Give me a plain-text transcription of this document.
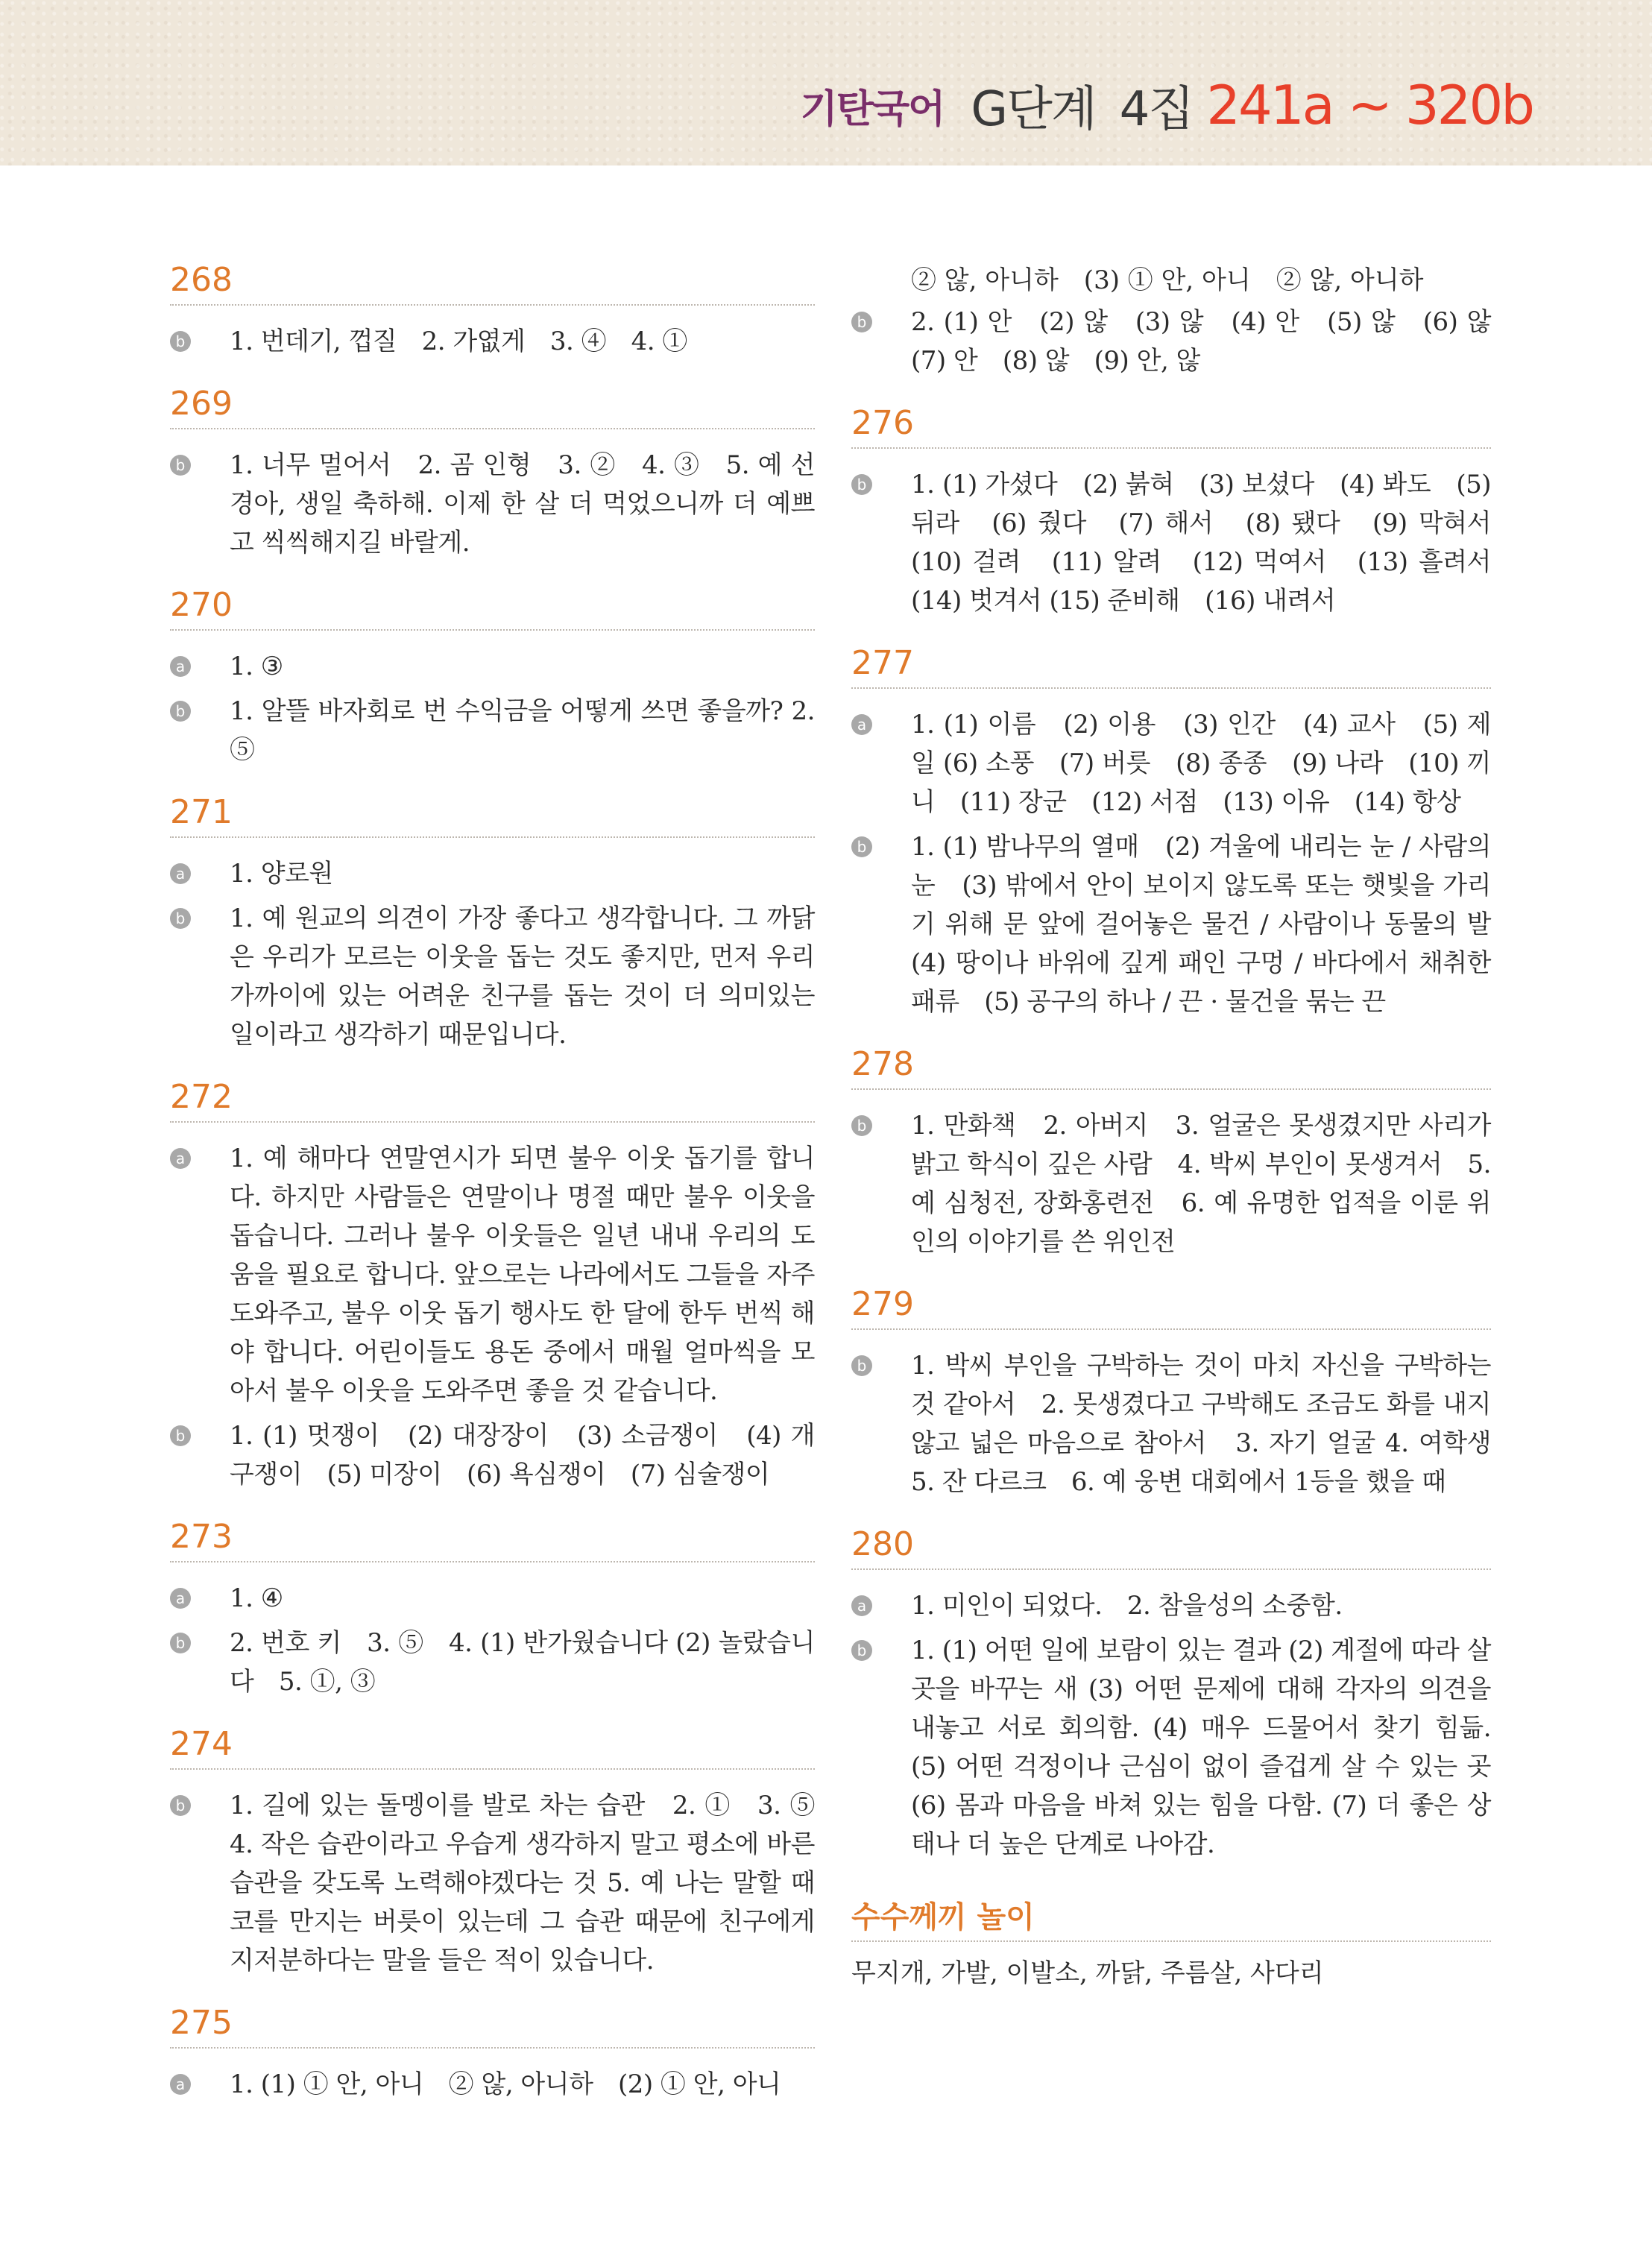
기탄국어 G단계 4집 241a ~ 320b
268
b 1. 번데기, 껍질　2. 가엾게　3. ④　4. ①
269
b 1. 너무 멀어서　2. 곰 인형　3. ②　4. ③　5. 예 선경아, 생일 축하해. 이제 한 살 더 먹었으니까 더 예쁘고 씩씩해지길 바랄게.
270
a 1. ③
b 1. 알뜰 바자회로 번 수익금을 어떻게 쓰면 좋을까? 2. ⑤
271
a 1. 양로원
b 1. 예 원교의 의견이 가장 좋다고 생각합니다. 그 까닭은 우리가 모르는 이웃을 돕는 것도 좋지만, 먼저 우리 가까이에 있는 어려운 친구를 돕는 것이 더 의미있는 일이라고 생각하기 때문입니다.
272
a 1. 예 해마다 연말연시가 되면 불우 이웃 돕기를 합니다. 하지만 사람들은 연말이나 명절 때만 불우 이웃을 돕습니다. 그러나 불우 이웃들은 일년 내내 우리의 도움을 필요로 합니다. 앞으로는 나라에서도 그들을 자주 도와주고, 불우 이웃 돕기 행사도 한 달에 한두 번씩 해야 합니다. 어린이들도 용돈 중에서 매월 얼마씩을 모아서 불우 이웃을 도와주면 좋을 것 같습니다.
b 1. (1) 멋쟁이　(2) 대장장이　(3) 소금쟁이　(4) 개구쟁이　(5) 미장이　(6) 욕심쟁이　(7) 심술쟁이
273
a 1. ④
b 2. 번호 키　3. ⑤　4. (1) 반가웠습니다 (2) 놀랐습니다　5. ①, ③
274
b 1. 길에 있는 돌멩이를 발로 차는 습관　2. ①　3. ⑤　4. 작은 습관이라고 우습게 생각하지 말고 평소에 바른 습관을 갖도록 노력해야겠다는 것 5. 예 나는 말할 때 코를 만지는 버릇이 있는데 그 습관 때문에 친구에게 지저분하다는 말을 들은 적이 있습니다.
275
a 1. (1) ① 안, 아니　② 않, 아니하　(2) ① 안, 아니
② 않, 아니하　(3) ① 안, 아니　② 않, 아니하
b 2. (1) 안　(2) 않　(3) 않　(4) 안　(5) 않　(6) 않　(7) 안　(8) 않　(9) 안, 않
276
b 1. (1) 가셨다　(2) 붉혀　(3) 보셨다　(4) 봐도　(5) 뒤라　(6) 줬다　(7) 해서　(8) 됐다　(9) 막혀서　(10) 걸려　(11) 알려　(12) 먹여서　(13) 흘려서　(14) 벗겨서 (15) 준비해　(16) 내려서
277
a 1. (1) 이름　(2) 이용　(3) 인간　(4) 교사　(5) 제일 (6) 소풍　(7) 버릇　(8) 종종　(9) 나라　(10) 끼니　(11) 장군　(12) 서점　(13) 이유　(14) 항상
b 1. (1) 밤나무의 열매　(2) 겨울에 내리는 눈 / 사람의 눈　(3) 밖에서 안이 보이지 않도록 또는 햇빛을 가리기 위해 문 앞에 걸어놓은 물건 / 사람이나 동물의 발　(4) 땅이나 바위에 깊게 패인 구멍 / 바다에서 채취한 패류　(5) 공구의 하나 / 끈 · 물건을 묶는 끈
278
b 1. 만화책　2. 아버지　3. 얼굴은 못생겼지만 사리가 밝고 학식이 깊은 사람　4. 박씨 부인이 못생겨서　5. 예 심청전, 장화홍련전　6. 예 유명한 업적을 이룬 위인의 이야기를 쓴 위인전
279
b 1. 박씨 부인을 구박하는 것이 마치 자신을 구박하는 것 같아서　2. 못생겼다고 구박해도 조금도 화를 내지 않고 넓은 마음으로 참아서　3. 자기 얼굴 4. 여학생　5. 잔 다르크　6. 예 웅변 대회에서 1등을 했을 때
280
a 1. 미인이 되었다.　2. 참을성의 소중함.
b 1. (1) 어떤 일에 보람이 있는 결과 (2) 계절에 따라 살 곳을 바꾸는 새 (3) 어떤 문제에 대해 각자의 의견을 내놓고 서로 회의함. (4) 매우 드물어서 찾기 힘듦. (5) 어떤 걱정이나 근심이 없이 즐겁게 살 수 있는 곳 (6) 몸과 마음을 바쳐 있는 힘을 다함. (7) 더 좋은 상태나 더 높은 단계로 나아감.
수수께끼 놀이
무지개, 가발, 이발소, 까닭, 주름살, 사다리
